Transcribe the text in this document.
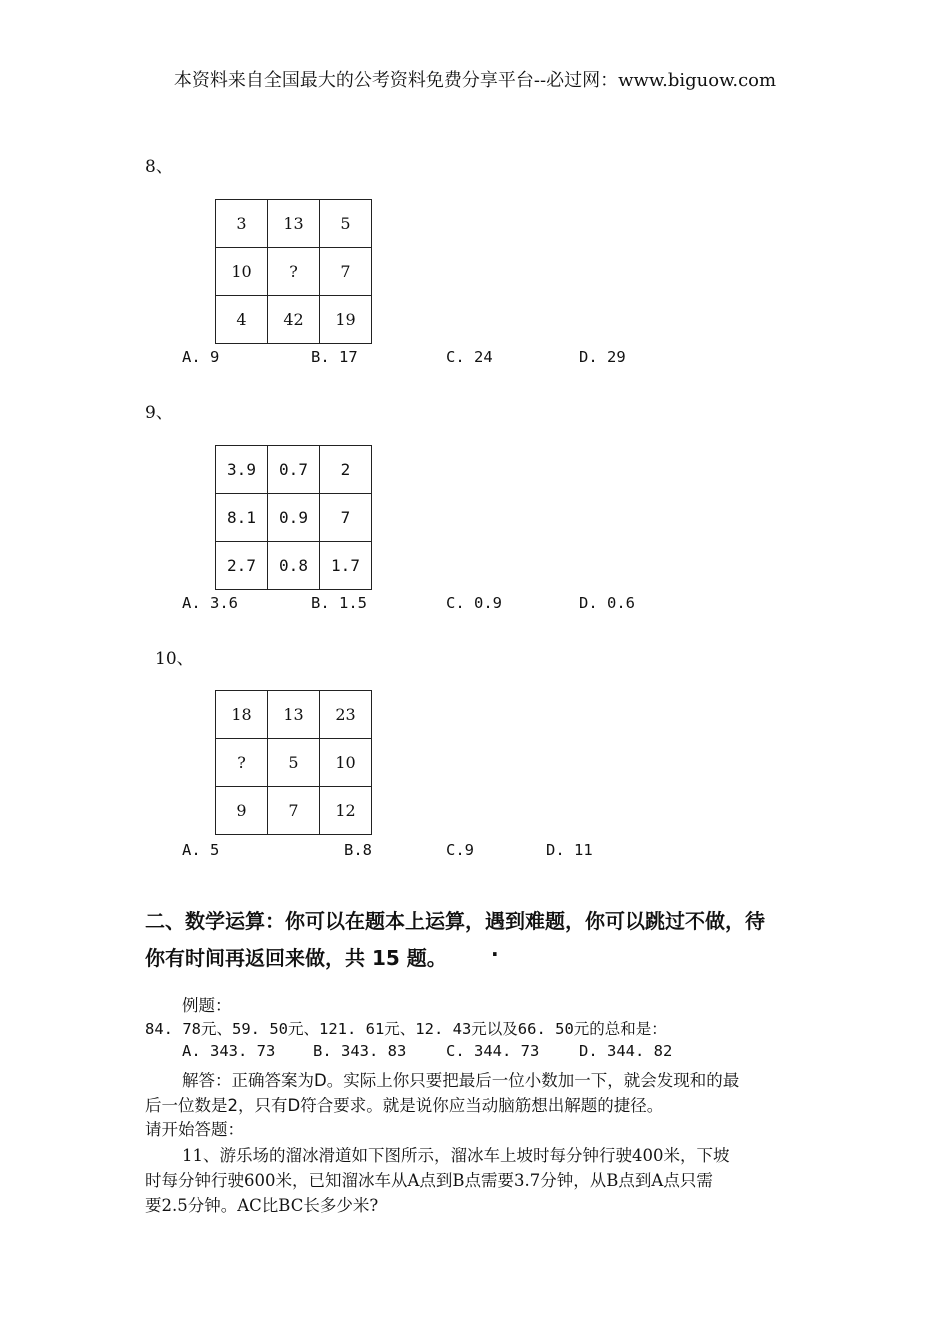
本资料来自全国最大的公考资料免费分享平台--必过网：www.biguow.com
8、
3	13	5
10	?	7
4	42	19
A. 9	B. 17	C. 24	D. 29
9、
3.9	0.7	2
8.1	0.9	7
2.7	0.8	1.7
A. 3.6	B. 1.5	C. 0.9	D. 0.6
10、
18	13	23
?	5	10
9	7	12
A. 5	B.8	C.9	D. 11
二、数学运算：你可以在题本上运算，遇到难题，你可以跳过不做，待
你有时间再返回来做，共 15 题。 ·
例题：
84. 78元、59. 50元、121. 61元、12. 43元以及66. 50元的总和是：
A. 343. 73 B. 343. 83	C. 344. 73	D. 344. 82
解答：正确答案为D。实际上你只要把最后一位小数加一下，就会发现和的最
后一位数是2，只有D符合要求。就是说你应当动脑筋想出解题的捷径。
请开始答题：
11、游乐场的溜冰滑道如下图所示，溜冰车上坡时每分钟行驶400米，下坡
时每分钟行驶600米，已知溜冰车从A点到B点需要3.7分钟，从B点到A点只需
要2.5分钟。AC比BC长多少米?
